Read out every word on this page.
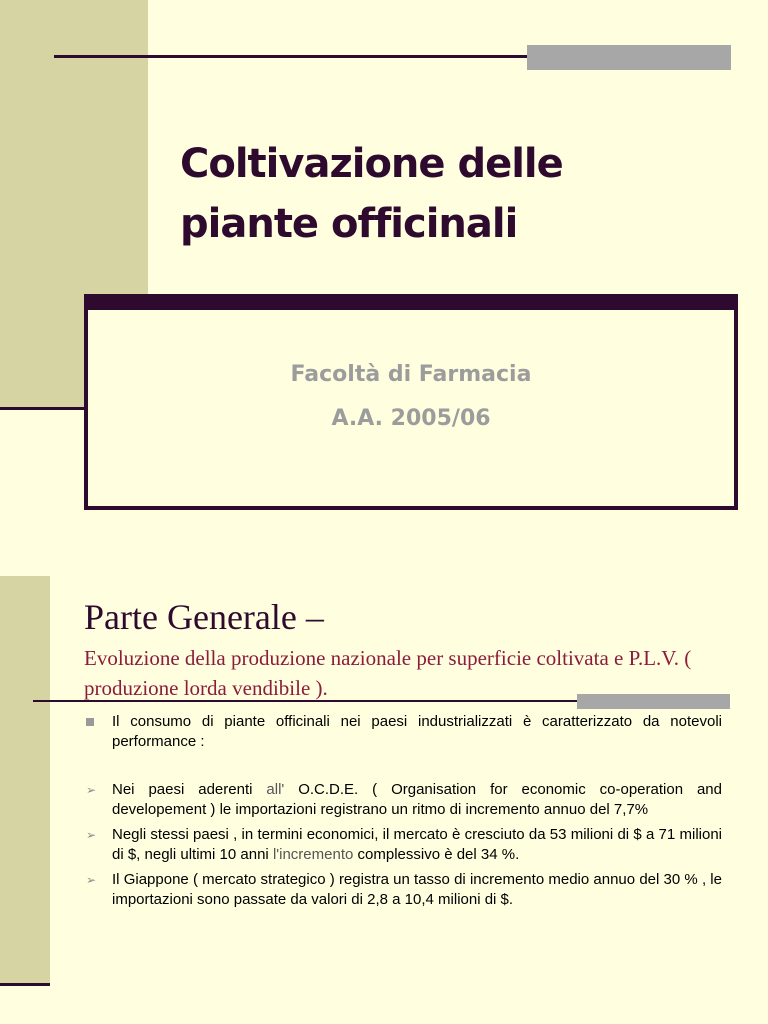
Coltivazione delle
piante officinali
Facoltà di Farmacia
A.A. 2005/06
Parte Generale –

Evoluzione della produzione nazionale per superficie coltivata e P.L.V. ( produzione lorda vendibile ).

Il consumo di piante officinali nei paesi industrializzati è caratterizzato da notevoli performance :
➢ Nei paesi aderenti all' O.C.D.E. ( Organisation for economic co-operation and developement ) le importazioni registrano un ritmo di incremento annuo del 7,7%
➢ Negli stessi paesi , in termini economici, il mercato è cresciuto da 53 milioni di $ a 71 milioni di $, negli ultimi 10 anni l'incremento complessivo è del 34 %.
➢ Il Giappone ( mercato strategico ) registra un tasso di incremento medio annuo del 30 % , le importazioni sono passate da valori di 2,8 a 10,4 milioni di $.
